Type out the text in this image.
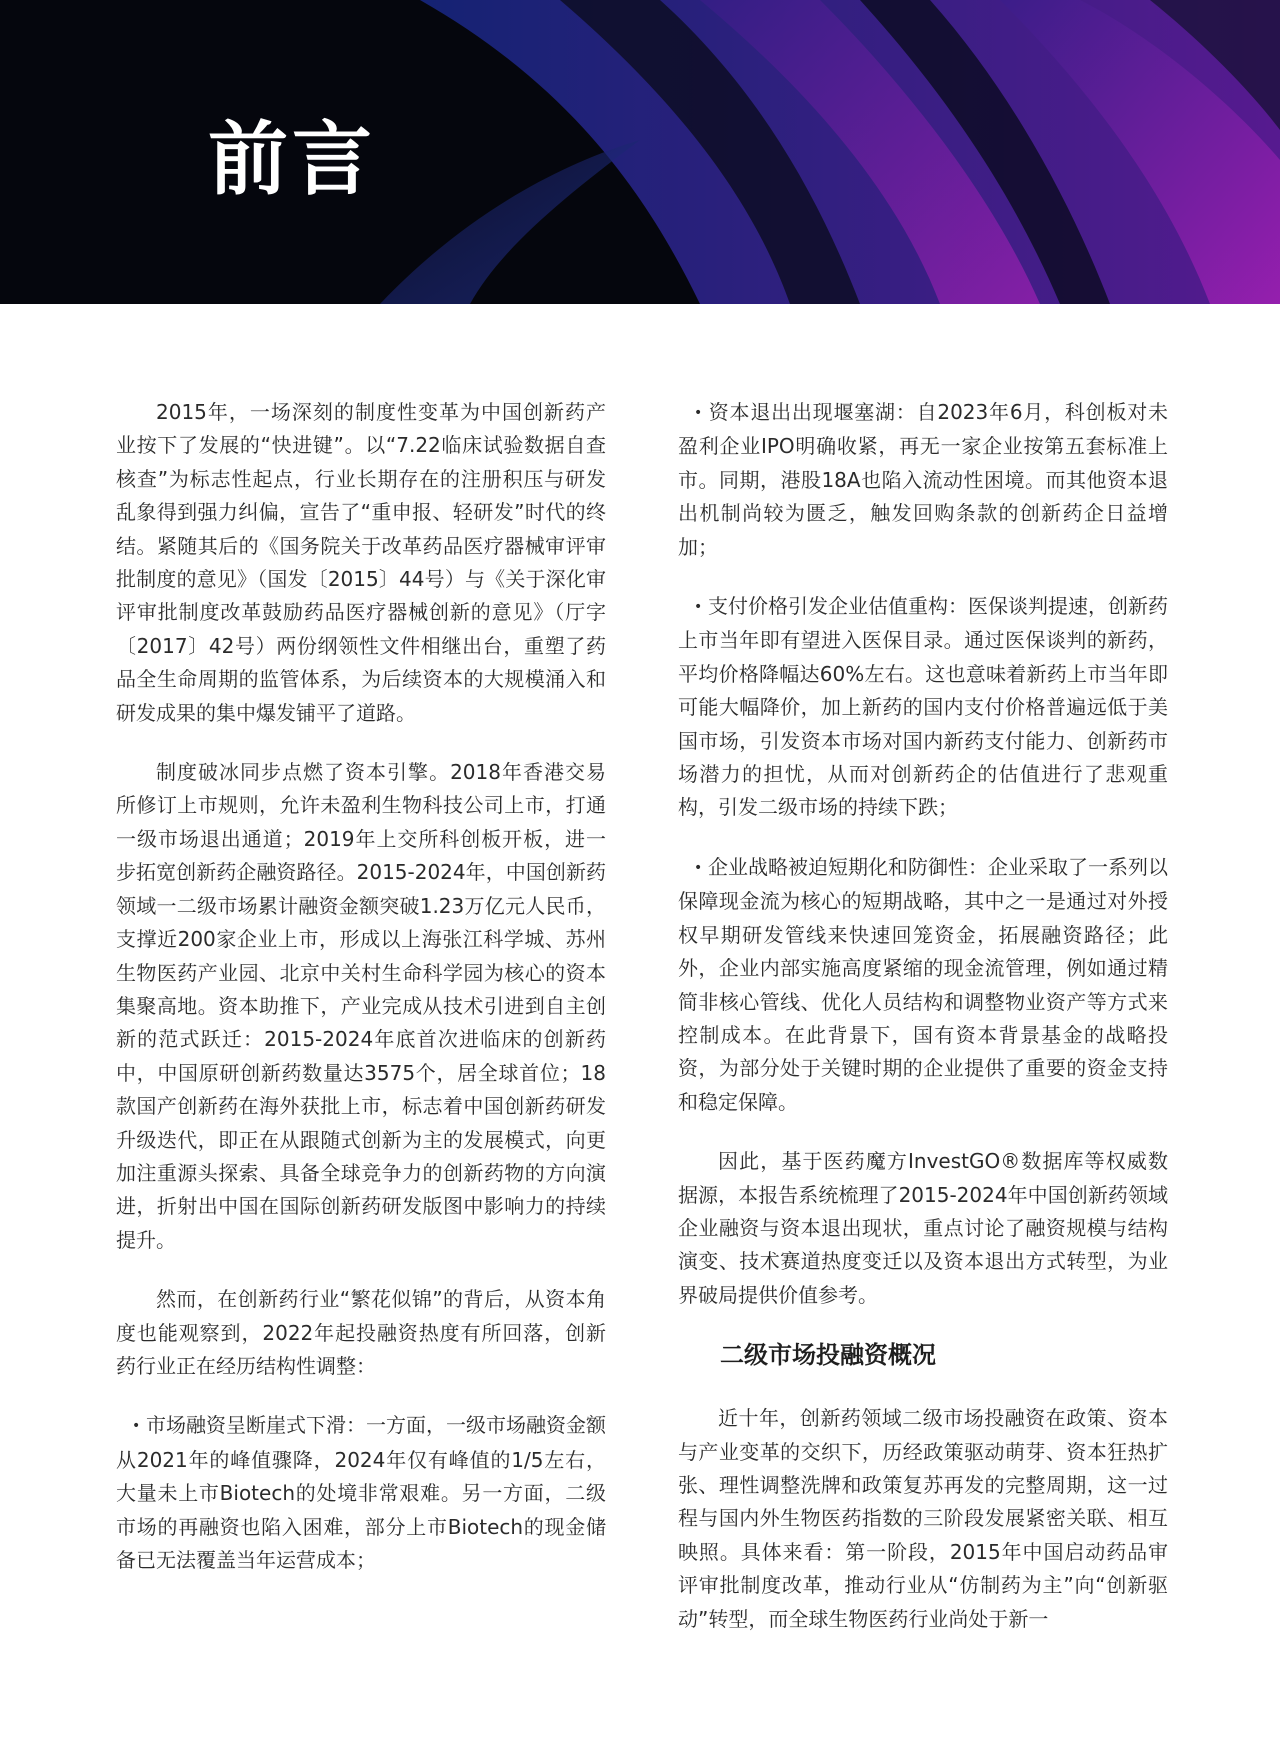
前言

2015年，一场深刻的制度性变革为中国创新药产业按下了发展的“快进键”。以“7.22临床试验数据自查核查”为标志性起点，行业长期存在的注册积压与研发乱象得到强力纠偏，宣告了“重申报、轻研发”时代的终结。紧随其后的《国务院关于改革药品医疗器械审评审批制度的意见》（国发〔2015〕44号）与《关于深化审评审批制度改革鼓励药品医疗器械创新的意见》（厅字〔2017〕42号）两份纲领性文件相继出台，重塑了药品全生命周期的监管体系，为后续资本的大规模涌入和研发成果的集中爆发铺平了道路。

制度破冰同步点燃了资本引擎。2018年香港交易所修订上市规则，允许未盈利生物科技公司上市，打通一级市场退出通道；2019年上交所科创板开板，进一步拓宽创新药企融资路径。2015-2024年，中国创新药领域一二级市场累计融资金额突破1.23万亿元人民币，支撑近200家企业上市，形成以上海张江科学城、苏州生物医药产业园、北京中关村生命科学园为核心的资本集聚高地。资本助推下，产业完成从技术引进到自主创新的范式跃迁：2015-2024年底首次进临床的创新药中，中国原研创新药数量达3575个，居全球首位；18款国产创新药在海外获批上市，标志着中国创新药研发升级迭代，即正在从跟随式创新为主的发展模式，向更加注重源头探索、具备全球竞争力的创新药物的方向演进，折射出中国在国际创新药研发版图中影响力的持续提升。

然而，在创新药行业“繁花似锦”的背后，从资本角度也能观察到，2022年起投融资热度有所回落，创新药行业正在经历结构性调整：

• 市场融资呈断崖式下滑：一方面，一级市场融资金额从2021年的峰值骤降，2024年仅有峰值的1/5左右，大量未上市Biotech的处境非常艰难。另一方面，二级市场的再融资也陷入困难，部分上市Biotech的现金储备已无法覆盖当年运营成本；

• 资本退出出现堰塞湖：自2023年6月，科创板对未盈利企业IPO明确收紧，再无一家企业按第五套标准上市。同期，港股18A也陷入流动性困境。而其他资本退出机制尚较为匮乏，触发回购条款的创新药企日益增加；

• 支付价格引发企业估值重构：医保谈判提速，创新药上市当年即有望进入医保目录。通过医保谈判的新药，平均价格降幅达60%左右。这也意味着新药上市当年即可能大幅降价，加上新药的国内支付价格普遍远低于美国市场，引发资本市场对国内新药支付能力、创新药市场潜力的担忧，从而对创新药企的估值进行了悲观重构，引发二级市场的持续下跌；

• 企业战略被迫短期化和防御性：企业采取了一系列以保障现金流为核心的短期战略，其中之一是通过对外授权早期研发管线来快速回笼资金，拓展融资路径；此外，企业内部实施高度紧缩的现金流管理，例如通过精简非核心管线、优化人员结构和调整物业资产等方式来控制成本。在此背景下，国有资本背景基金的战略投资，为部分处于关键时期的企业提供了重要的资金支持和稳定保障。

因此，基于医药魔方InvestGO®数据库等权威数据源，本报告系统梳理了2015-2024年中国创新药领域企业融资与资本退出现状，重点讨论了融资规模与结构演变、技术赛道热度变迁以及资本退出方式转型，为业界破局提供价值参考。

二级市场投融资概况

近十年，创新药领域二级市场投融资在政策、资本与产业变革的交织下，历经政策驱动萌芽、资本狂热扩张、理性调整洗牌和政策复苏再发的完整周期，这一过程与国内外生物医药指数的三阶段发展紧密关联、相互映照。具体来看：第一阶段，2015年中国启动药品审评审批制度改革，推动行业从“仿制药为主”向“创新驱动”转型，而全球生物医药行业尚处于新一
